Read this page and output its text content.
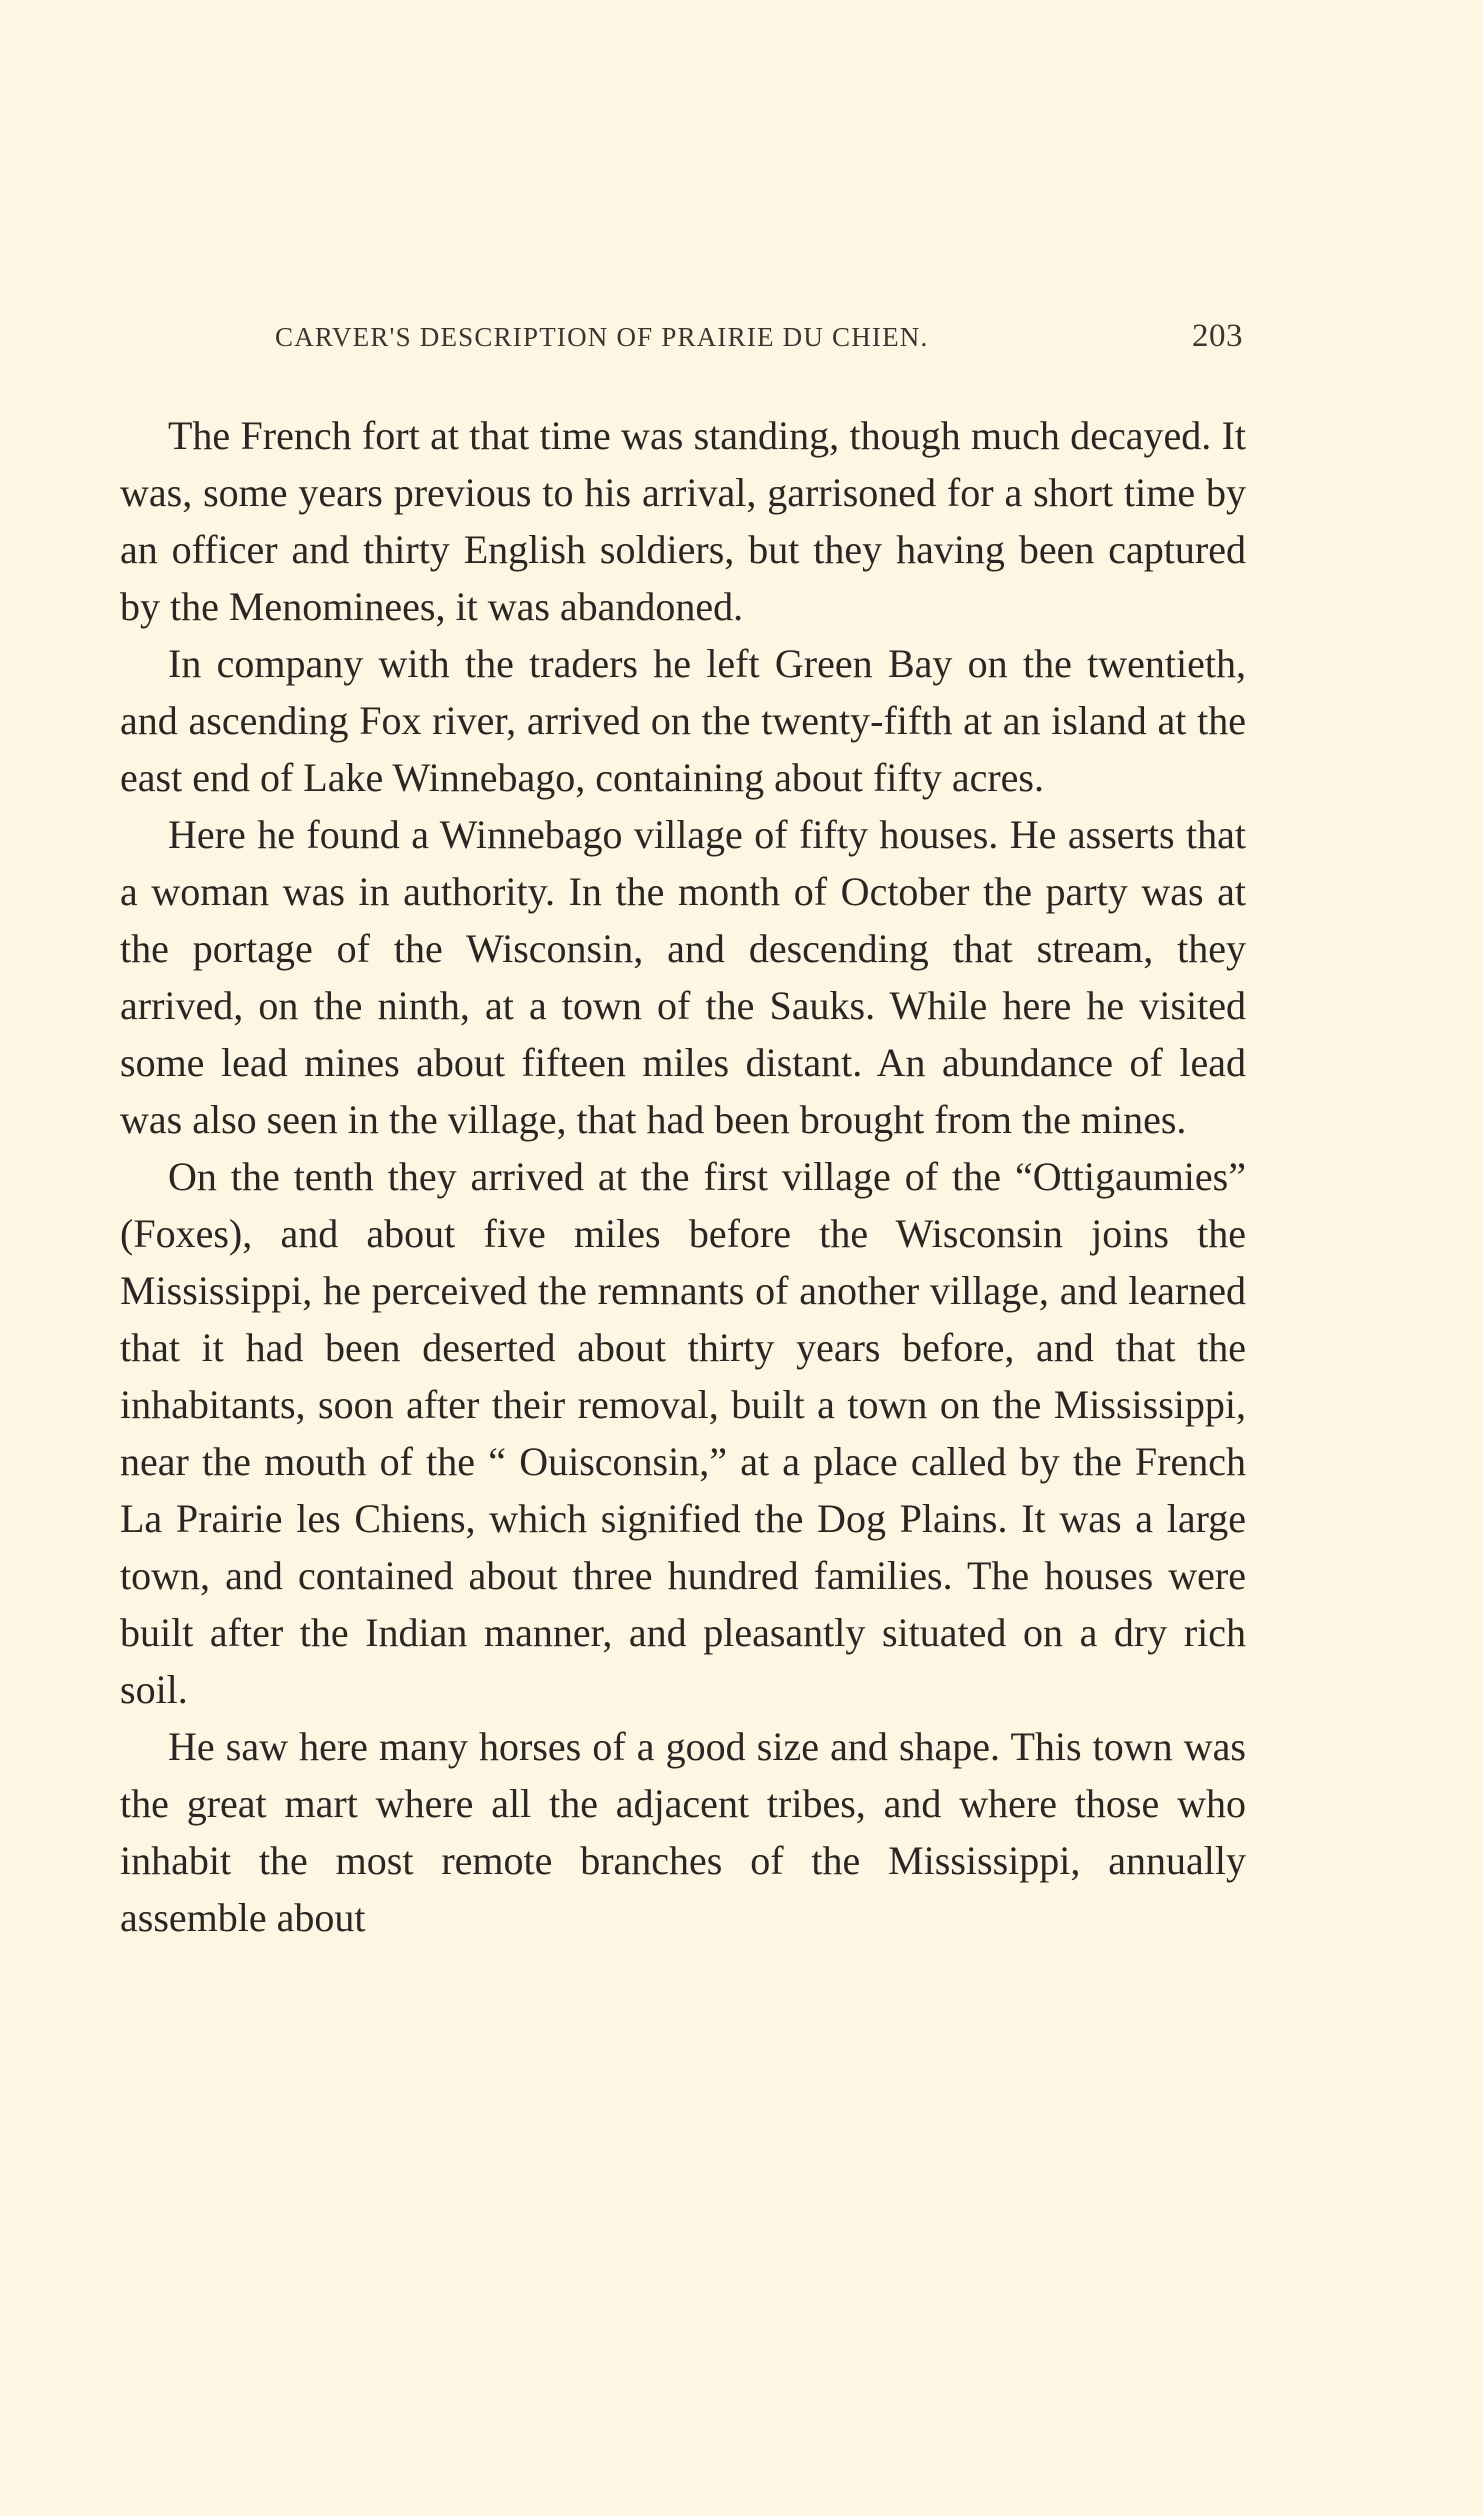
CARVER'S DESCRIPTION OF PRAIRIE DU CHIEN.	203

The French fort at that time was standing, though much decayed. It was, some years previous to his arrival, garrisoned for a short time by an officer and thirty English soldiers, but they having been captured by the Menominees, it was abandoned.

In company with the traders he left Green Bay on the twentieth, and ascending Fox river, arrived on the twenty-fifth at an island at the east end of Lake Winnebago, containing about fifty acres.

Here he found a Winnebago village of fifty houses. He asserts that a woman was in authority. In the month of October the party was at the portage of the Wisconsin, and descending that stream, they arrived, on the ninth, at a town of the Sauks. While here he visited some lead mines about fifteen miles distant. An abundance of lead was also seen in the village, that had been brought from the mines.

On the tenth they arrived at the first village of the “Ottigaumies” (Foxes), and about five miles before the Wisconsin joins the Mississippi, he perceived the remnants of another village, and learned that it had been deserted about thirty years before, and that the inhabitants, soon after their removal, built a town on the Mississippi, near the mouth of the “ Ouisconsin,” at a place called by the French La Prairie les Chiens, which signified the Dog Plains. It was a large town, and contained about three hundred families. The houses were built after the Indian manner, and pleasantly situated on a dry rich soil.

He saw here many horses of a good size and shape. This town was the great mart where all the adjacent tribes, and where those who inhabit the most remote branches of the Mississippi, annually assemble about
